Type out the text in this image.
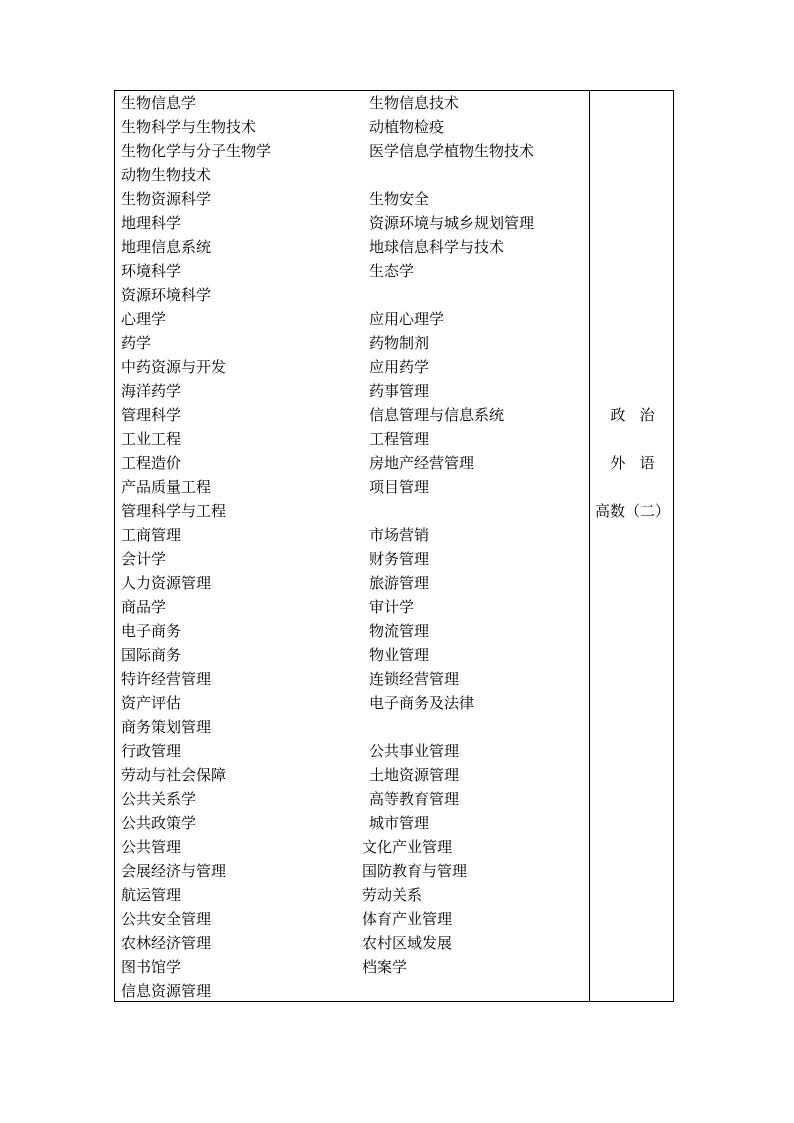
生物信息学	生物信息技术
生物科学与生物技术	动植物检疫
生物化学与分子生物学	医学信息学植物生物技术
动物生物技术
生物资源科学	生物安全
地理科学	资源环境与城乡规划管理
地理信息系统	地球信息科学与技术
环境科学	生态学
资源环境科学
心理学	应用心理学
药学	药物制剂
中药资源与开发	应用药学
海洋药学	药事管理
管理科学	信息管理与信息系统
工业工程	工程管理
工程造价	房地产经营管理
产品质量工程	项目管理
管理科学与工程
工商管理	市场营销
会计学	财务管理
人力资源管理	旅游管理
商品学	审计学
电子商务	物流管理
国际商务	物业管理
特许经营管理	连锁经营管理
资产评估	电子商务及法律
商务策划管理
行政管理	公共事业管理
劳动与社会保障	土地资源管理
公共关系学	高等教育管理
公共政策学	城市管理
公共管理	文化产业管理
会展经济与管理	国防教育与管理
航运管理	劳动关系
公共安全管理	体育产业管理
农林经济管理	农村区域发展
图书馆学	档案学
信息资源管理
政   治
外   语
高数（二）
